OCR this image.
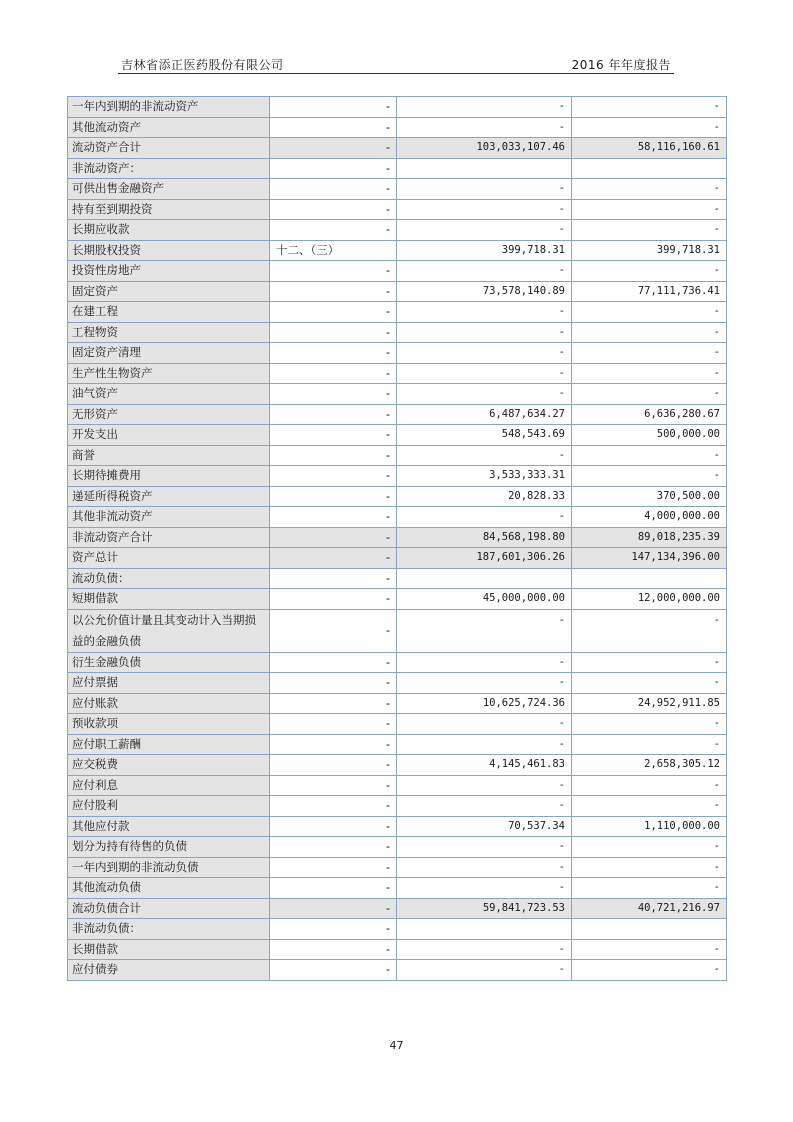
吉林省添正医药股份有限公司	2016 年年度报告
一年内到期的非流动资产	-	-	-
其他流动资产	-	-	-
流动资产合计	-	103,033,107.46	58,116,160.61
非流动资产：	-		
可供出售金融资产	-	-	-
持有至到期投资	-	-	-
长期应收款	-	-	-
长期股权投资	十二、（三）	399,718.31	399,718.31
投资性房地产	-	-	-
固定资产	-	73,578,140.89	77,111,736.41
在建工程	-	-	-
工程物资	-	-	-
固定资产清理	-	-	-
生产性生物资产	-	-	-
油气资产	-	-	-
无形资产	-	6,487,634.27	6,636,280.67
开发支出	-	548,543.69	500,000.00
商誉	-	-	-
长期待摊费用	-	3,533,333.31	-
递延所得税资产	-	20,828.33	370,500.00
其他非流动资产	-	-	4,000,000.00
非流动资产合计	-	84,568,198.80	89,018,235.39
资产总计	-	187,601,306.26	147,134,396.00
流动负债：	-		
短期借款	-	45,000,000.00	12,000,000.00
以公允价值计量且其变动计入当期损益的金融负债	-	-	-
衍生金融负债	-	-	-
应付票据	-	-	-
应付账款	-	10,625,724.36	24,952,911.85
预收款项	-	-	-
应付职工薪酬	-	-	-
应交税费	-	4,145,461.83	2,658,305.12
应付利息	-	-	-
应付股利	-	-	-
其他应付款	-	70,537.34	1,110,000.00
划分为持有待售的负债	-	-	-
一年内到期的非流动负债	-	-	-
其他流动负债	-	-	-
流动负债合计	-	59,841,723.53	40,721,216.97
非流动负债：	-		
长期借款	-	-	-
应付债券	-	-	-
47
